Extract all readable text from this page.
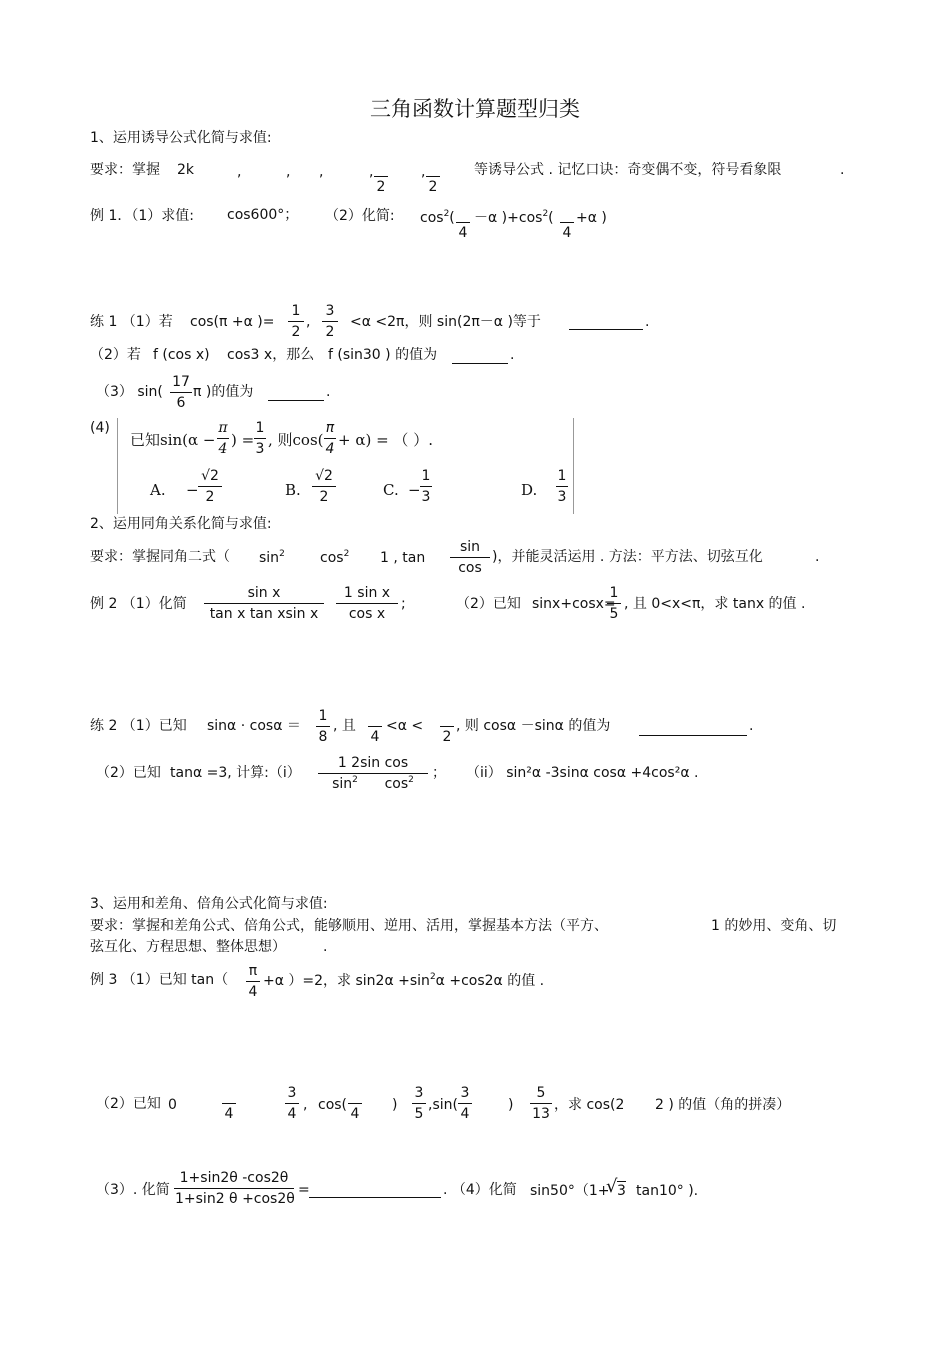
三角函数计算题型归类
1、运用诱导公式化简与求值:
要求：掌握 2k	,	, ,	,

2
,

2
等诱导公式 . 记忆口诀：奇变偶不变，符号看象限	.
例 1．（1）求值: cos600°； （2）化简: $\cos^2$(

4
－α )$+\cos^2$(

4
+α )
练 1 （1）若 cos(π +α )=
1
2
,
3
2
<α <2π，则 sin(2π－α )等于	.
（2）若 f (cos x) cos3 x，那么 f (sin30 ) 的值为	.
（3） sin(
17
6
π )的值为	.
(4)
已知sin(α −
π
4 ) =
1
3 , 则cos(
π
4 + α) = （ ）.
A. −
√2
2	B.
√2
2	C. −
1
3	D.
1
3
2、运用同角关系化简与求值:
要求：掌握同角二式（ $\sin^2$	$\cos^2 1$ , tan
sin
cos
)，并能灵活运用 . 方法：平方法、切弦互化	.
例 2 （1）化简
sin x
tan x tan xsin x
1 sin x
cos x
;	（2）已知 sinx+cosx=
1
5
, 且 0<x<π，求 tanx 的值 .
练 2 （1）已知 sinα · cosα ＝
1
8
, 且

4
<α <

2
, 则 cosα －sinα 的值为	.
（2）已知 tanα =3, 计算:（i）
1 2sin cos
$\sin^2 \cos^2$	； （ii） sin²α -3sinα cosα +4cos²α .
3、运用和差角、倍角公式化简与求值:
要求：掌握和差角公式、倍角公式，能够顺用、逆用、活用，掌握基本方法（平方、	1 的妙用、变角、切
弦互化、方程思想、整体思想）	.
例 3 （1）已知 tan（
π
4
+α ）=2，求 $\sin 2\alpha +\sin^2\alpha +\cos 2\alpha$ 的值 .
（2）已知 0

4
3
4
, cos(

4
)
3
5
,sin(
3
4
)
5
13
，求 cos(2 2 ) 的值（角的拼凑）
（3）. 化简
1+sin2θ -cos2θ
1+sin2 θ +cos2θ
=	. （4）化简 sin50°（1+
√ 3 tan10° ).
